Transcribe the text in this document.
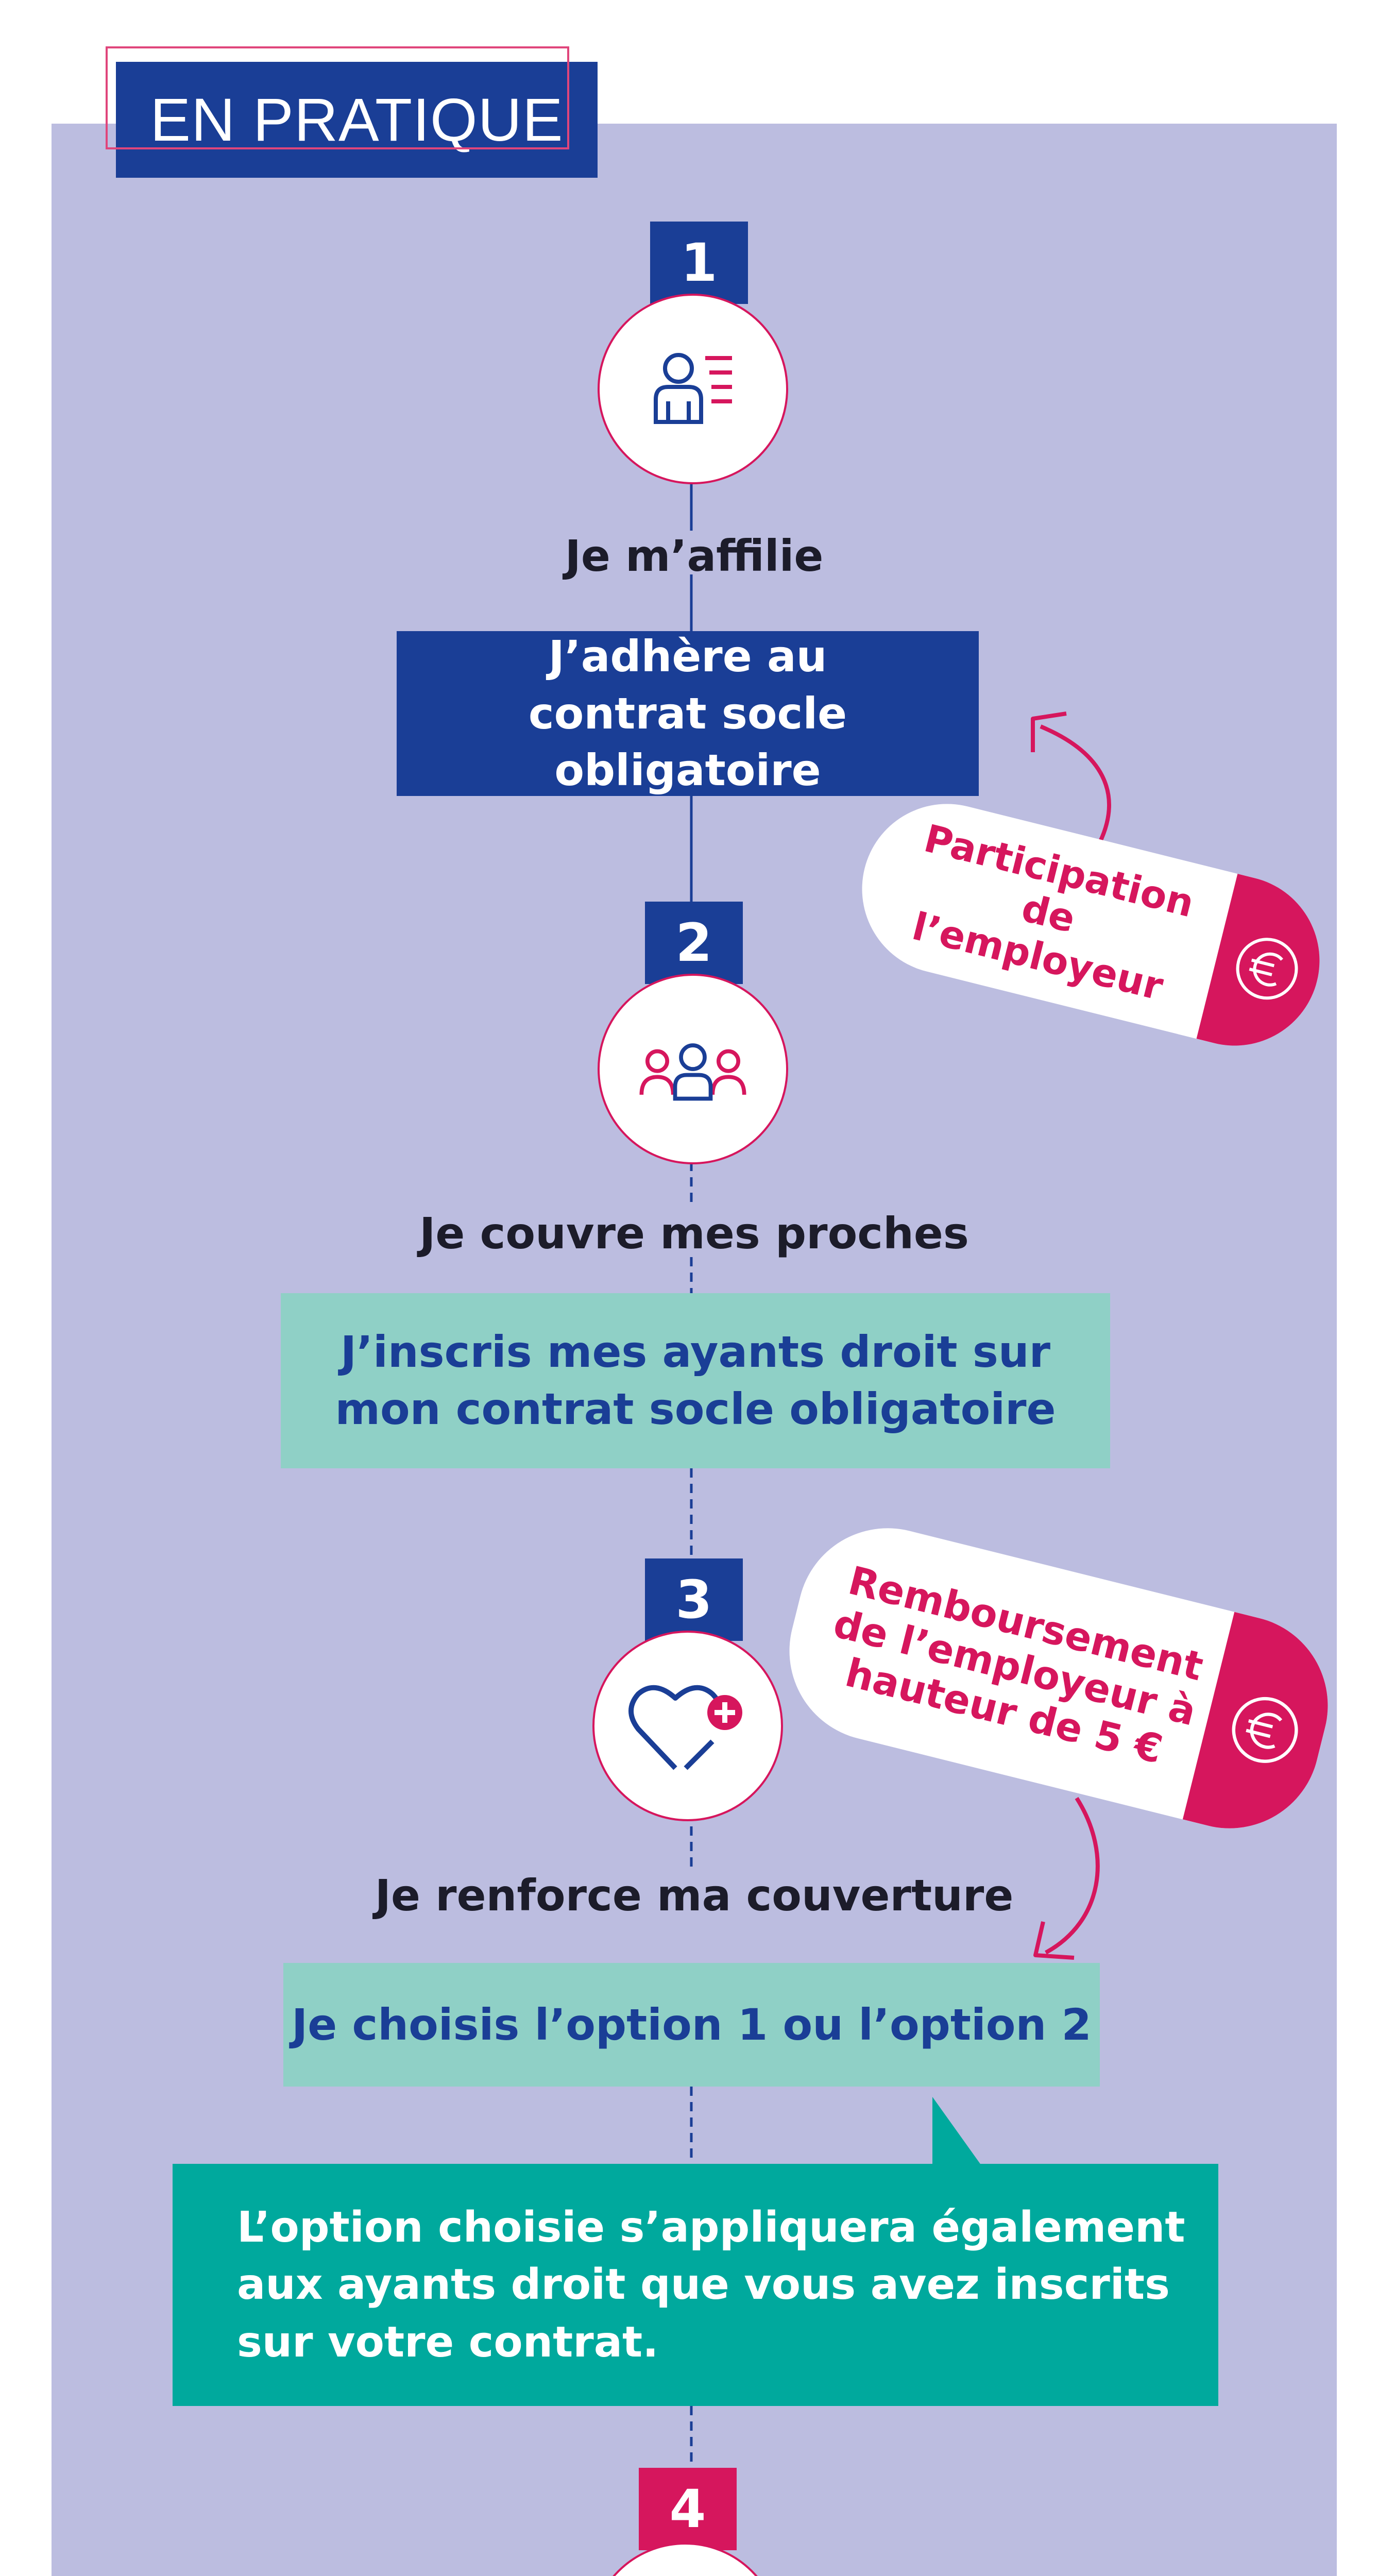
EN PRATIQUE
1
Je m’affilie
J’adhère au contrat socle obligatoire
Participation de l’employeur
2
Je couvre mes proches
J’inscris mes ayants droit sur mon contrat socle obligatoire
3	Remboursement de l’employeur à hauteur de 5 €
Je renforce ma couverture
Je choisis l’option 1 ou l’option 2
L’option choisie s’appliquera également aux ayants droit que vous avez inscrits sur votre contrat.
4
